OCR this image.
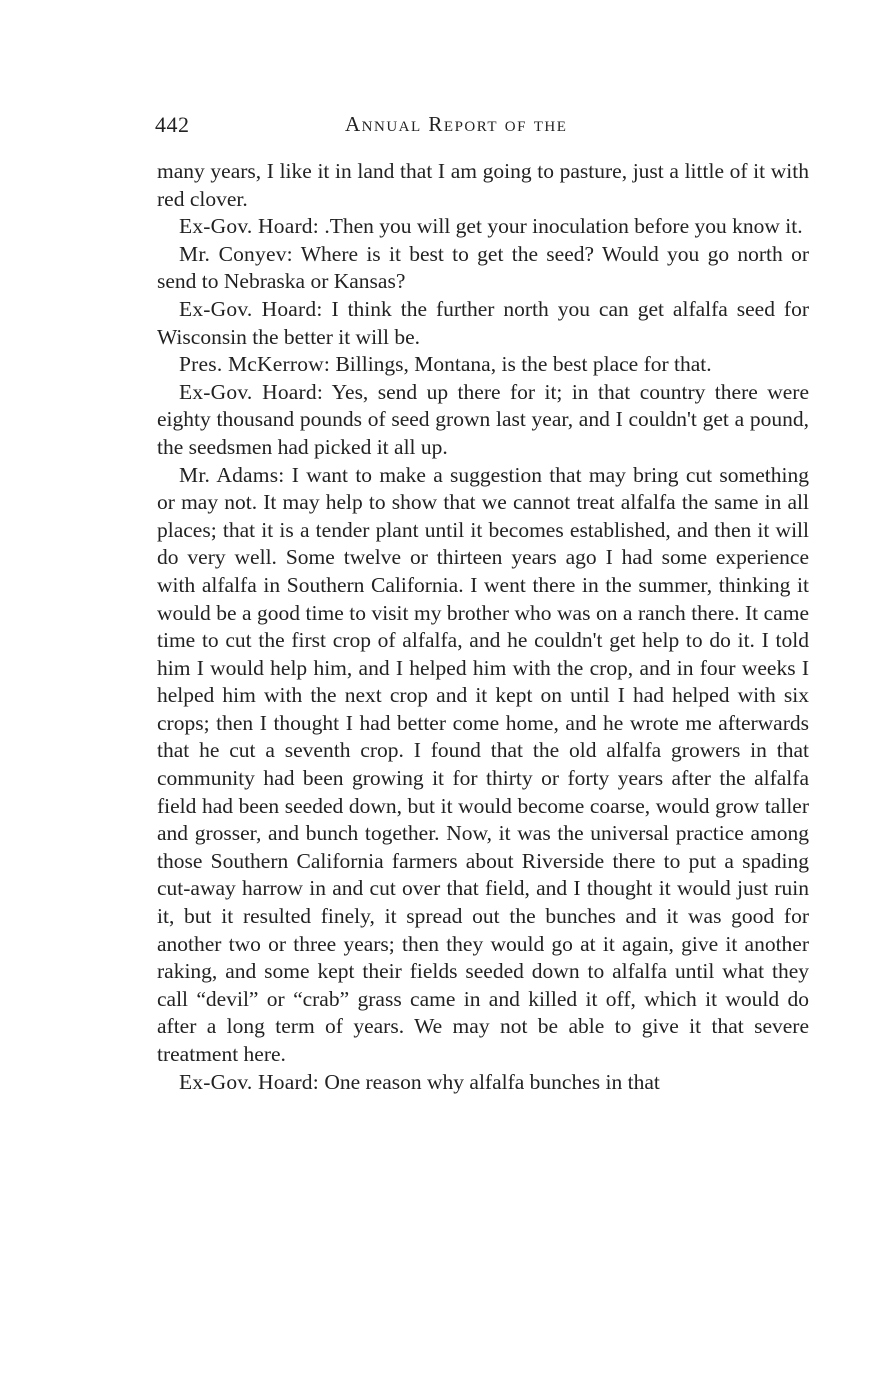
442	Annual Report of the

many years, I like it in land that I am going to pasture, just a little of it with red clover.

Ex-Gov. Hoard: .Then you will get your inoculation before you know it.

Mr. Conyev: Where is it best to get the seed? Would you go north or send to Nebraska or Kansas?

Ex-Gov. Hoard: I think the further north you can get alfalfa seed for Wisconsin the better it will be.

Pres. McKerrow: Billings, Montana, is the best place for that.

Ex-Gov. Hoard: Yes, send up there for it; in that country there were eighty thousand pounds of seed grown last year, and I couldn't get a pound, the seedsmen had picked it all up.

Mr. Adams: I want to make a suggestion that may bring cut something or may not. It may help to show that we cannot treat alfalfa the same in all places; that it is a tender plant until it becomes established, and then it will do very well. Some twelve or thirteen years ago I had some experience with alfalfa in Southern California. I went there in the summer, thinking it would be a good time to visit my brother who was on a ranch there. It came time to cut the first crop of alfalfa, and he couldn't get help to do it. I told him I would help him, and I helped him with the crop, and in four weeks I helped him with the next crop and it kept on until I had helped with six crops; then I thought I had better come home, and he wrote me afterwards that he cut a seventh crop. I found that the old alfalfa growers in that community had been growing it for thirty or forty years after the alfalfa field had been seeded down, but it would become coarse, would grow taller and grosser, and bunch together. Now, it was the universal practice among those Southern California farmers about Riverside there to put a spading cut-away harrow in and cut over that field, and I thought it would just ruin it, but it resulted finely, it spread out the bunches and it was good for another two or three years; then they would go at it again, give it another raking, and some kept their fields seeded down to alfalfa until what they call “devil” or “crab” grass came in and killed it off, which it would do after a long term of years. We may not be able to give it that severe treatment here.

Ex-Gov. Hoard: One reason why alfalfa bunches in that
